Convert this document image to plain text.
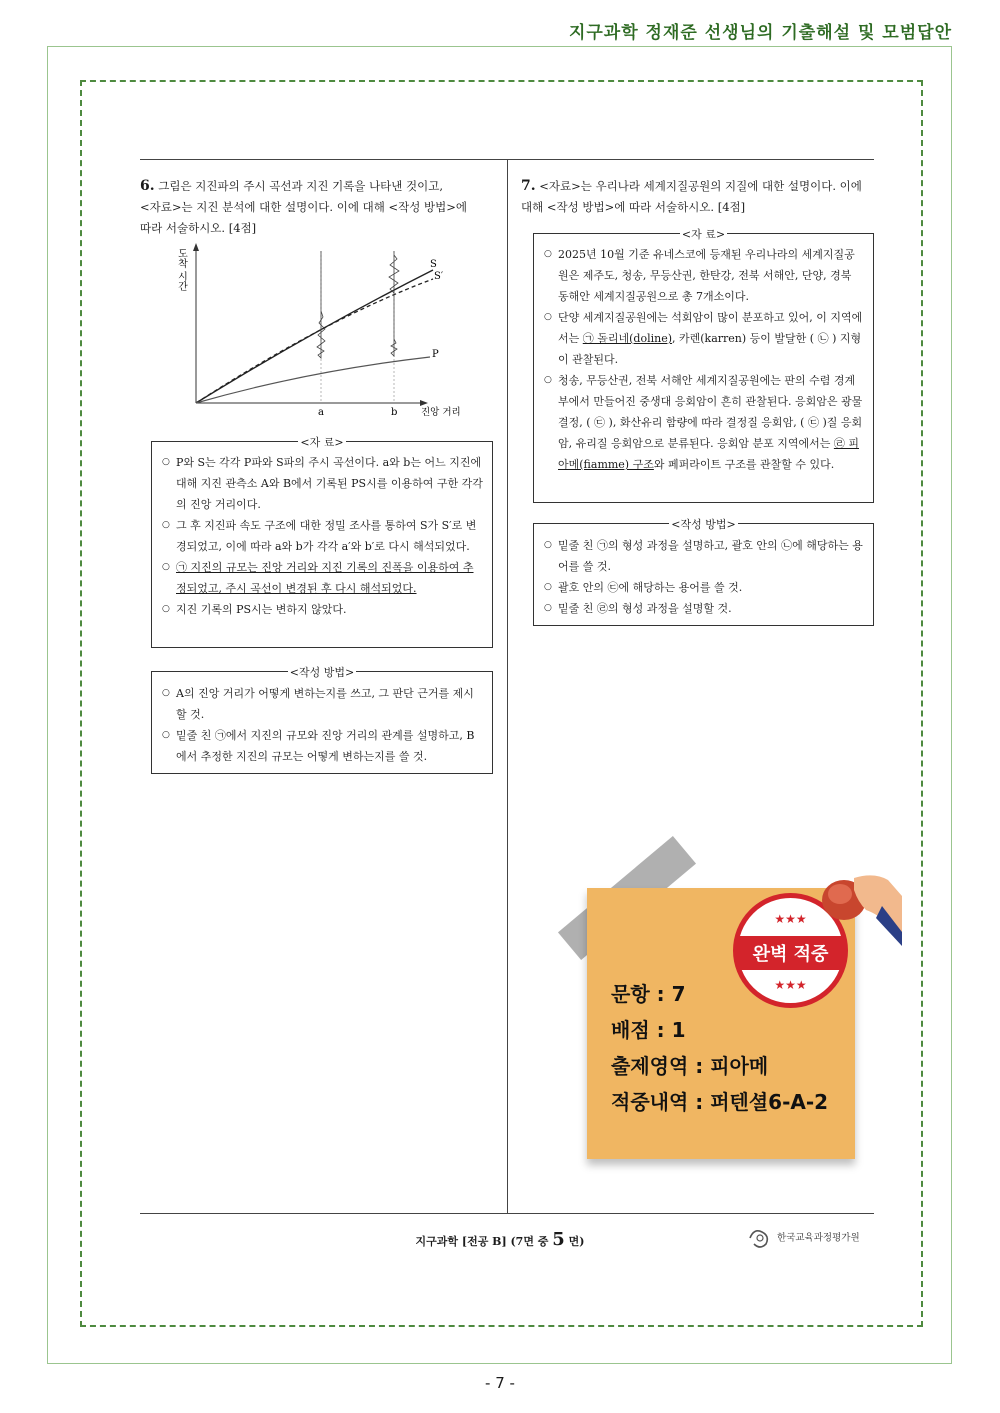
지구과학 정재준 선생님의 기출해설 및 모범답안
6. 그림은 지진파의 주시 곡선과 지진 기록을 나타낸 것이고,
<자료>는 지진 분석에 대한 설명이다. 이에 대해 <작성 방법>에
따라 서술하시오. [4점]
도착 시간	S
S′
P
a	b 진앙 거리
<자 료>
○ P와 S는 각각 P파와 S파의 주시 곡선이다. a와 b는 어느 지진에 대해 지진 관측소 A와 B에서 기록된 PS시를 이용하여 구한 각각의 진앙 거리이다.
○ 그 후 지진파 속도 구조에 대한 정밀 조사를 통하여 S가 S′로 변경되었고, 이에 따라 a와 b가 각각 a′와 b′로 다시 해석되었다.
○ ㉠ 지진의 규모는 진앙 거리와 지진 기록의 진폭을 이용하여 추정되었고, 주시 곡선이 변경된 후 다시 해석되었다.
○ 지진 기록의 PS시는 변하지 않았다.
<작성 방법>
○ A의 진앙 거리가 어떻게 변하는지를 쓰고, 그 판단 근거를 제시할 것.
○ 밑줄 친 ㉠에서 지진의 규모와 진앙 거리의 관계를 설명하고, B에서 추정한 지진의 규모는 어떻게 변하는지를 쓸 것.
7. <자료>는 우리나라 세계지질공원의 지질에 대한 설명이다. 이에
대해 <작성 방법>에 따라 서술하시오. [4점]
<자 료>
○ 2025년 10월 기준 유네스코에 등재된 우리나라의 세계지질공원은 제주도, 청송, 무등산권, 한탄강, 전북 서해안, 단양, 경북 동해안 세계지질공원으로 총 7개소이다.
○ 단양 세계지질공원에는 석회암이 많이 분포하고 있어, 이 지역에서는 ㉠ 돌리네(doline), 카렌(karren) 등이 발달한 ( ㉡ ) 지형이 관찰된다.
○ 청송, 무등산권, 전북 서해안 세계지질공원에는 판의 수렴 경계부에서 만들어진 중생대 응회암이 흔히 관찰된다. 응회암은 광물 결정, ( ㉢ ), 화산유리 함량에 따라 결정질 응회암, ( ㉢ )질 응회암, 유리질 응회암으로 분류된다. 응회암 분포 지역에서는 ㉣ 피아메(fiamme) 구조와 페퍼라이트 구조를 관찰할 수 있다.
<작성 방법>
○ 밑줄 친 ㉠의 형성 과정을 설명하고, 괄호 안의 ㉡에 해당하는 용어를 쓸 것.
○ 괄호 안의 ㉢에 해당하는 용어를 쓸 것.
○ 밑줄 친 ㉣의 형성 과정을 설명할 것.
문항 : 7
배점 : 1
출제영역 : 피아메
적중내역 : 퍼텐셜6-A-2
★★★
완벽 적중
★★★
지구과학 [전공 B] (7면 중 5 면)	한국교육과정평가원
- 7 -
